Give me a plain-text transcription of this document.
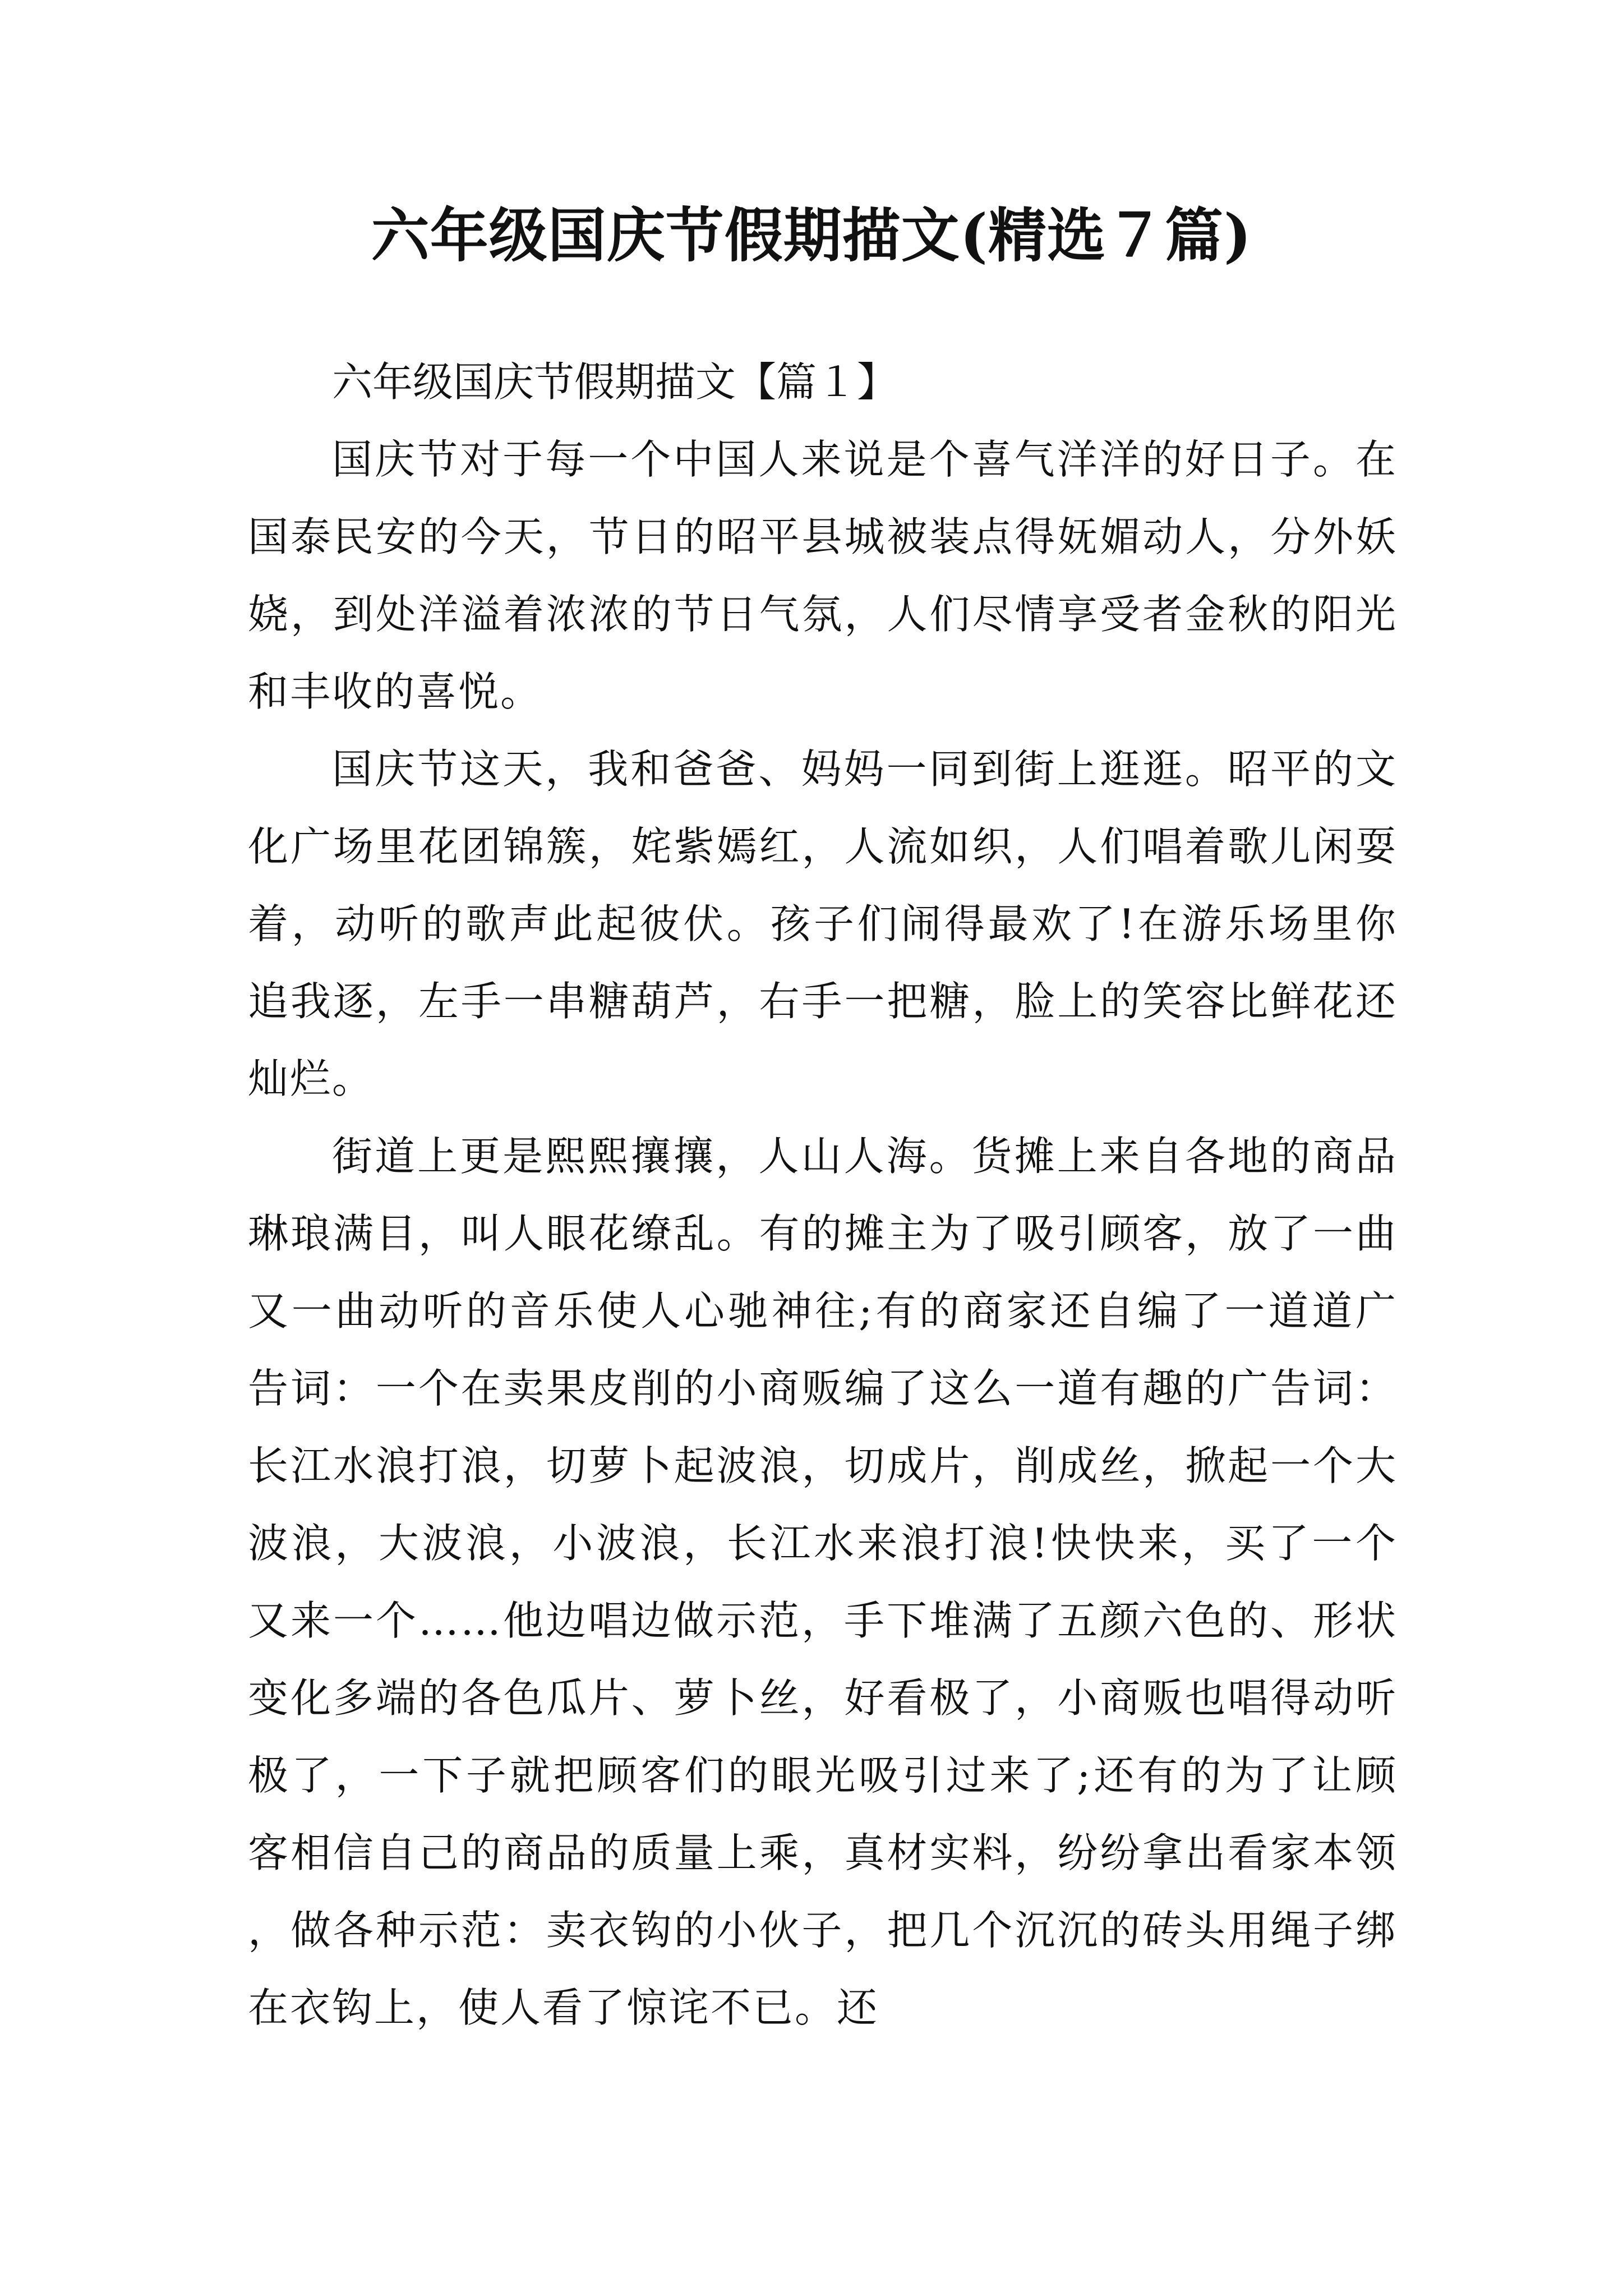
六年级国庆节假期描文(精选７篇)
六年级国庆节假期描文【篇１】

国庆节对于每一个中国人来说是个喜气洋洋的好日子。在国泰民安的今天，节日的昭平县城被装点得妩媚动人，分外妖娆，到处洋溢着浓浓的节日气氛，人们尽情享受者金秋的阳光和丰收的喜悦。

国庆节这天，我和爸爸、妈妈一同到街上逛逛。昭平的文化广场里花团锦簇，姹紫嫣红，人流如织，人们唱着歌儿闲耍着，动听的歌声此起彼伏。孩子们闹得最欢了!在游乐场里你追我逐，左手一串糖葫芦，右手一把糖，脸上的笑容比鲜花还灿烂。

街道上更是熙熙攘攘，人山人海。货摊上来自各地的商品琳琅满目，叫人眼花缭乱。有的摊主为了吸引顾客，放了一曲又一曲动听的音乐使人心驰神往;有的商家还自编了一道道广告词：一个在卖果皮削的小商贩编了这么一道有趣的广告词：长江水浪打浪，切萝卜起波浪，切成片，削成丝，掀起一个大波浪，大波浪，小波浪，长江水来浪打浪!快快来，买了一个又来一个……他边唱边做示范，手下堆满了五颜六色的、形状变化多端的各色瓜片、萝卜丝，好看极了，小商贩也唱得动听极了，一下子就把顾客们的眼光吸引过来了;还有的为了让顾客相信自己的商品的质量上乘，真材实料，纷纷拿出看家本领，做各种示范：卖衣钩的小伙子，把几个沉沉的砖头用绳子绑在衣钩上，使人看了惊诧不已。还
